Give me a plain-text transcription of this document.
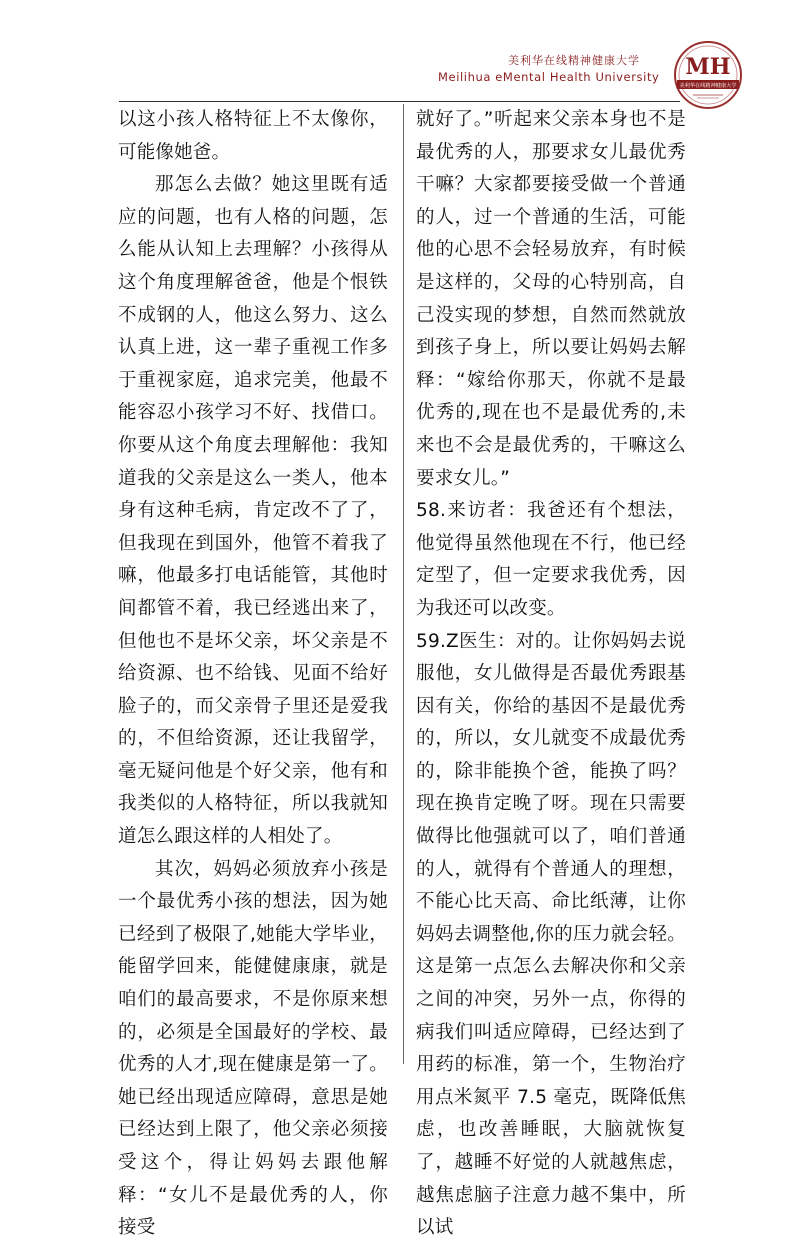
美利华在线精神健康大学
Meilihua eMental Health University MH
美利华在线精神健康大学

以这小孩人格特征上不太像你，可能像她爸。

那怎么去做？她这里既有适应的问题，也有人格的问题，怎么能从认知上去理解？小孩得从这个角度理解爸爸，他是个恨铁不成钢的人，他这么努力、这么认真上进，这一辈子重视工作多于重视家庭，追求完美，他最不能容忍小孩学习不好、找借口。你要从这个角度去理解他：我知道我的父亲是这么一类人，他本身有这种毛病，肯定改不了了，但我现在到国外，他管不着我了嘛，他最多打电话能管，其他时间都管不着，我已经逃出来了，但他也不是坏父亲，坏父亲是不给资源、也不给钱、见面不给好脸子的，而父亲骨子里还是爱我的，不但给资源，还让我留学，毫无疑问他是个好父亲，他有和我类似的人格特征，所以我就知道怎么跟这样的人相处了。

其次，妈妈必须放弃小孩是一个最优秀小孩的想法，因为她已经到了极限了,她能大学毕业，能留学回来，能健健康康，就是咱们的最高要求，不是你原来想的，必须是全国最好的学校、最优秀的人才,现在健康是第一了。她已经出现适应障碍，意思是她已经达到上限了，他父亲必须接受这个，得让妈妈去跟他解释：“女儿不是最优秀的人，你接受

就好了。”听起来父亲本身也不是最优秀的人，那要求女儿最优秀干嘛？大家都要接受做一个普通的人，过一个普通的生活，可能他的心思不会轻易放弃，有时候是这样的，父母的心特别高，自己没实现的梦想，自然而然就放到孩子身上，所以要让妈妈去解释：“嫁给你那天，你就不是最优秀的,现在也不是最优秀的,未来也不会是最优秀的，干嘛这么要求女儿。”

58.来访者：我爸还有个想法，他觉得虽然他现在不行，他已经定型了，但一定要求我优秀，因为我还可以改变。

59.Z医生：对的。让你妈妈去说服他，女儿做得是否最优秀跟基因有关，你给的基因不是最优秀的，所以，女儿就变不成最优秀的，除非能换个爸，能换了吗？现在换肯定晚了呀。现在只需要做得比他强就可以了，咱们普通的人，就得有个普通人的理想，不能心比天高、命比纸薄，让你妈妈去调整他,你的压力就会轻。这是第一点怎么去解决你和父亲之间的冲突，另外一点，你得的病我们叫适应障碍，已经达到了用药的标准，第一个，生物治疗用点米氮平 7.5 毫克，既降低焦虑，也改善睡眠，大脑就恢复了，越睡不好觉的人就越焦虑，越焦虑脑子注意力越不集中，所以试
